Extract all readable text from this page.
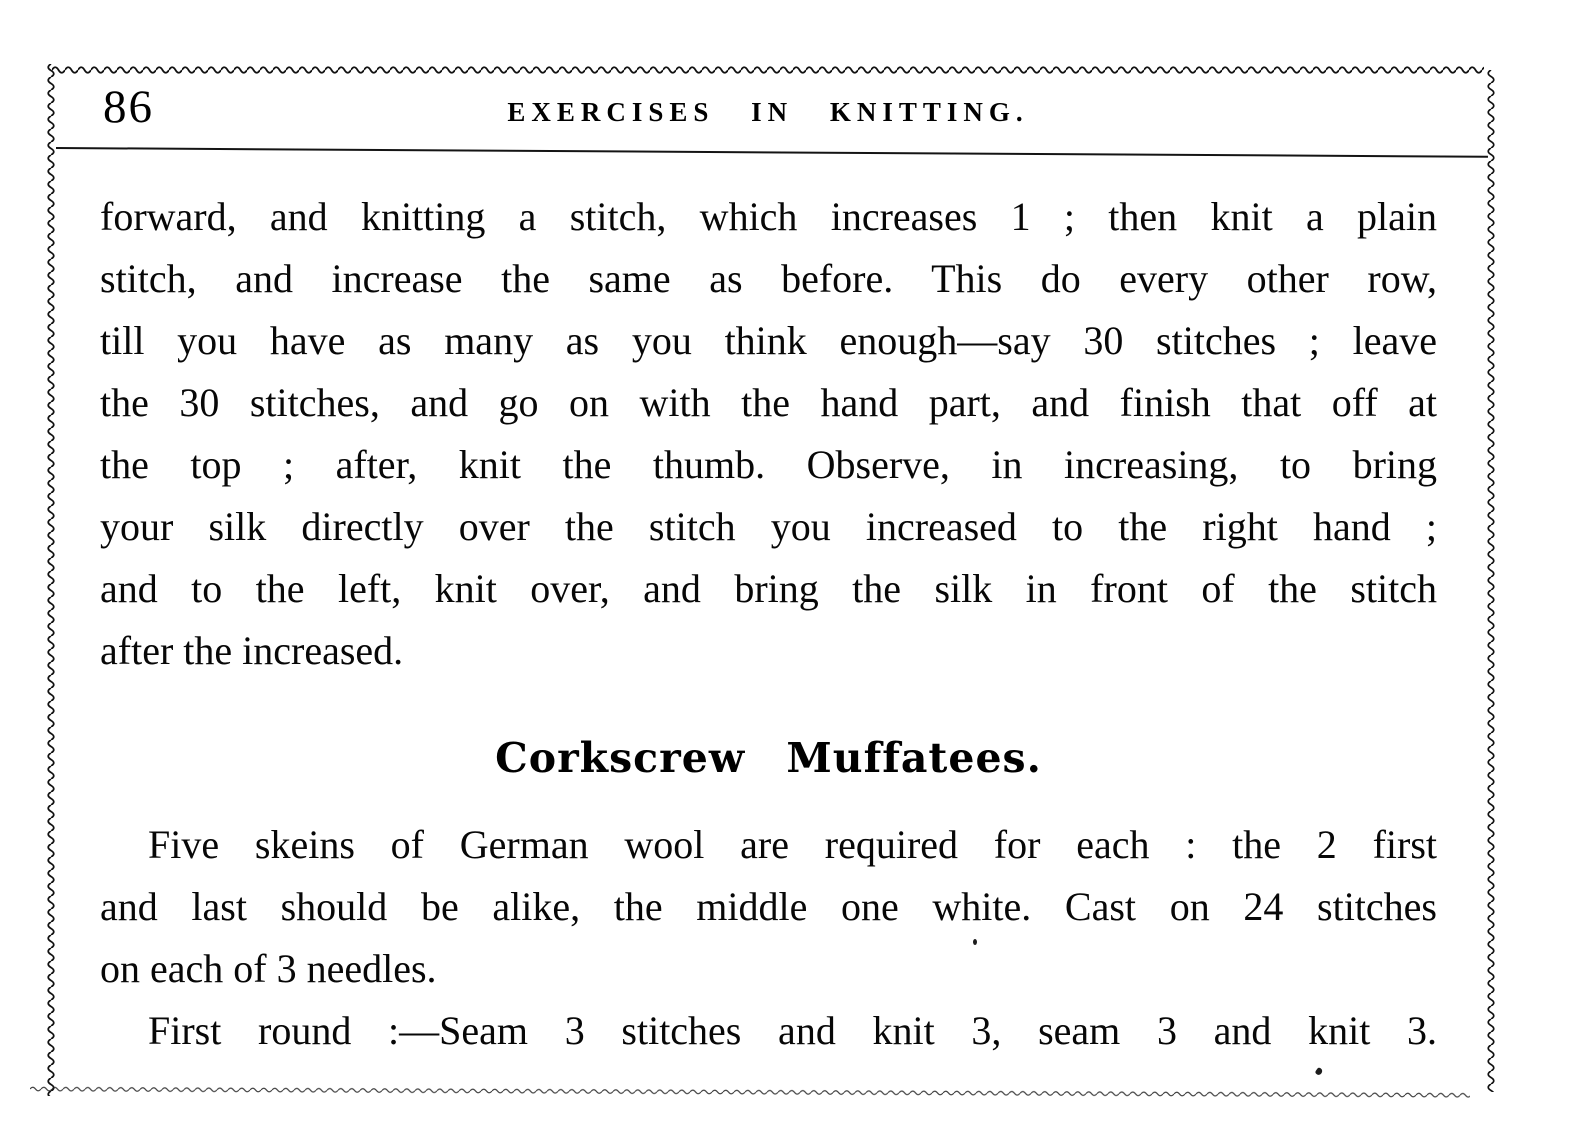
86	EXERCISES IN KNITTING.
forward, and knitting a stitch, which increases 1 ; then knit a plain
stitch, and increase the same as before. This do every other row,
till you have as many as you think enough—say 30 stitches ; leave
the 30 stitches, and go on with the hand part, and finish that off at
the top ; after, knit the thumb. Observe, in increasing, to bring
your silk directly over the stitch you increased to the right hand ;
and to the left, knit over, and bring the silk in front of the stitch
after the increased.
Corkscrew Muffatees.
Five skeins of German wool are required for each : the 2 first
and last should be alike, the middle one white. Cast on 24 stitches
on each of 3 needles.
First round :—Seam 3 stitches and knit 3, seam 3 and knit 3.
